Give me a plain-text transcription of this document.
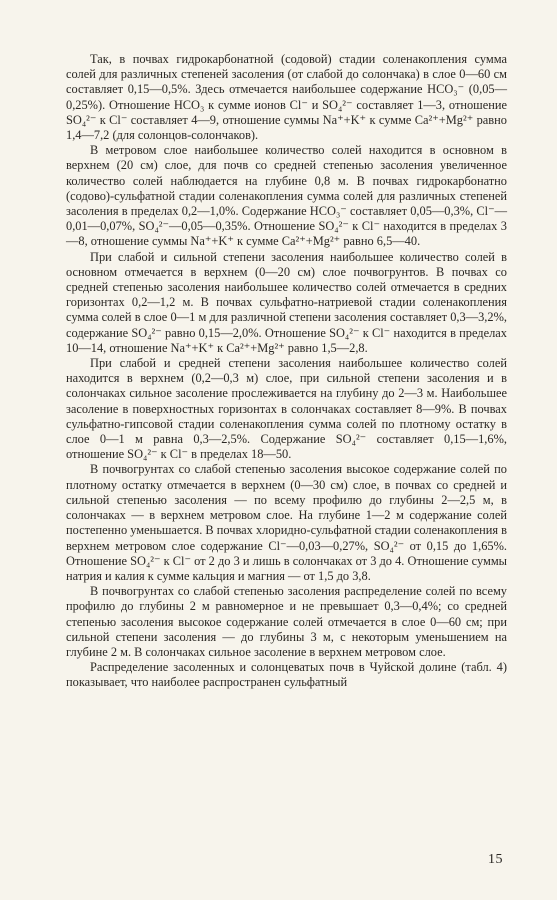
Так, в почвах гидрокарбонатной (содовой) стадии соленакопления сумма солей для различных степеней засоления (от слабой до солончака) в слое 0—60 см составляет 0,15—0,5%. Здесь отмечается наибольшее содержание HCO₃⁻ (0,05—0,25%). Отношение HCO₃ к сумме ионов Cl⁻ и SO₄²⁻ составляет 1—3, отношение SO₄²⁻ к Cl⁻ составляет 4—9, отношение суммы Na⁺+K⁺ к сумме Ca²⁺+Mg²⁺ равно 1,4—7,2 (для солонцов-солончаков).

В метровом слое наибольшее количество солей находится в основном в верхнем (20 см) слое, для почв со средней степенью засоления увеличенное количество солей наблюдается на глубине 0,8 м. В почвах гидрокарбонатно (содово)-сульфатной стадии соленакопления сумма солей для различных степеней засоления в пределах 0,2—1,0%. Содержание HCO₃⁻ составляет 0,05—0,3%, Cl⁻—0,01—0,07%, SO₄²⁻—0,05—0,35%. Отношение SO₄²⁻ к Cl⁻ находится в пределах 3—8, отношение суммы Na⁺+K⁺ к сумме Ca²⁺+Mg²⁺ равно 6,5—40.

При слабой и сильной степени засоления наибольшее количество солей в основном отмечается в верхнем (0—20 см) слое почвогрунтов. В почвах со средней степенью засоления наибольшее количество солей отмечается в средних горизонтах 0,2—1,2 м. В почвах сульфатно-натриевой стадии соленакопления сумма солей в слое 0—1 м для различной степени засоления составляет 0,3—3,2%, содержание SO₄²⁻ равно 0,15—2,0%. Отношение SO₄²⁻ к Cl⁻ находится в пределах 10—14, отношение Na⁺+K⁺ к Ca²⁺+Mg²⁺ равно 1,5—2,8.

При слабой и средней степени засоления наибольшее количество солей находится в верхнем (0,2—0,3 м) слое, при сильной степени засоления и в солончаках сильное засоление прослеживается на глубину до 2—3 м. Наибольшее засоление в поверхностных горизонтах в солончаках составляет 8—9%. В почвах сульфатно-гипсовой стадии соленакопления сумма солей по плотному остатку в слое 0—1 м равна 0,3—2,5%. Содержание SO₄²⁻ составляет 0,15—1,6%, отношение SO₄²⁻ к Cl⁻ в пределах 18—50.

В почвогрунтах со слабой степенью засоления высокое содержание солей по плотному остатку отмечается в верхнем (0—30 см) слое, в почвах со средней и сильной степенью засоления — по всему профилю до глубины 2—2,5 м, в солончаках — в верхнем метровом слое. На глубине 1—2 м содержание солей постепенно уменьшается. В почвах хлоридно-сульфатной стадии соленакопления в верхнем метровом слое содержание Cl⁻—0,03—0,27%, SO₄²⁻ от 0,15 до 1,65%. Отношение SO₄²⁻ к Cl⁻ от 2 до 3 и лишь в солончаках от 3 до 4. Отношение суммы натрия и калия к сумме кальция и магния — от 1,5 до 3,8.

В почвогрунтах со слабой степенью засоления распределение солей по всему профилю до глубины 2 м равномерное и не превышает 0,3—0,4%; со средней степенью засоления высокое содержание солей отмечается в слое 0—60 см; при сильной степени засоления — до глубины 3 м, с некоторым уменьшением на глубине 2 м. В солончаках сильное засоление в верхнем метровом слое.

Распределение засоленных и солонцеватых почв в Чуйской долине (табл. 4) показывает, что наиболее распространен сульфатный

15
